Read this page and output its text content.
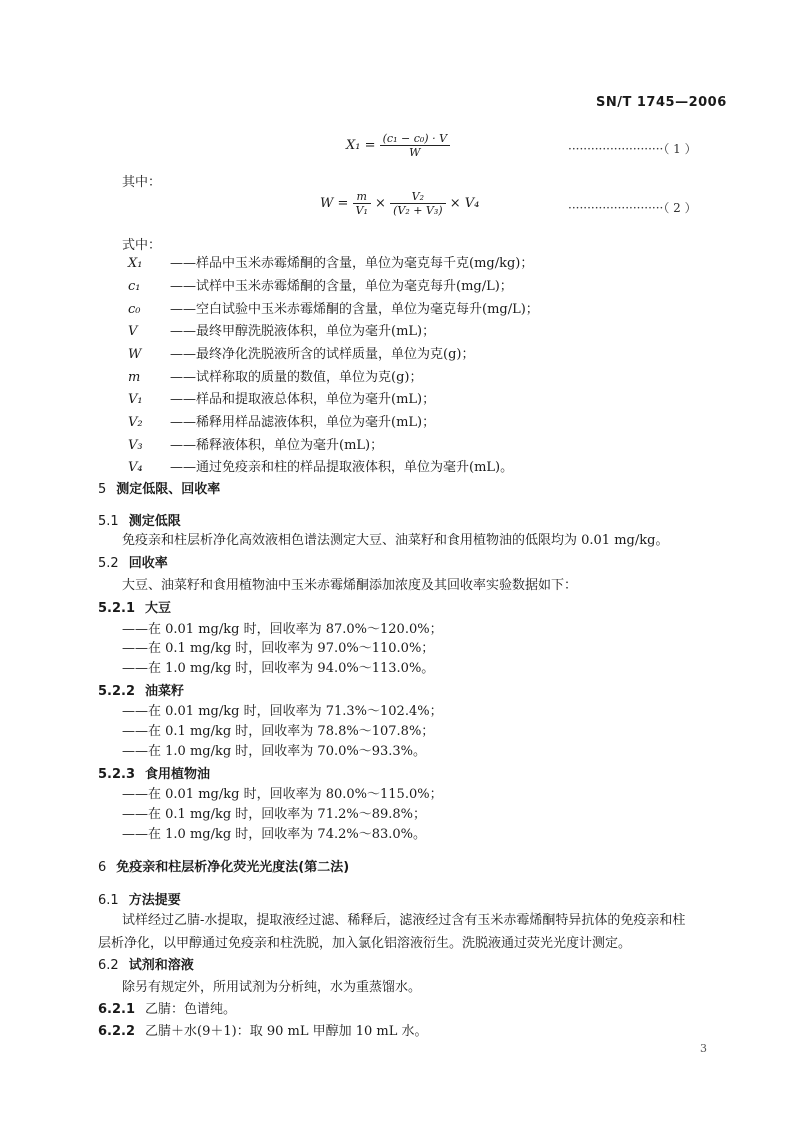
SN/T 1745—2006
$X_1 = \frac{\text{(c₁ − c₀) · V}}{W}$	·························（ 1 ）
其中：
$W = \frac{m}{\text{V₁}} \times \frac{\text{V₂}}{\text{(V₂ + V₃)}} \times V_4$	·························（ 2 ）
式中：
X₁ ——样品中玉米赤霉烯酮的含量，单位为毫克每千克(mg/kg)；
c₁ ——试样中玉米赤霉烯酮的含量，单位为毫克每升(mg/L)；
c₀ ——空白试验中玉米赤霉烯酮的含量，单位为毫克每升(mg/L)；
V	——最终甲醇洗脱液体积，单位为毫升(mL)；
W ——最终净化洗脱液所含的试样质量，单位为克(g)；
m ——试样称取的质量的数值，单位为克(g)；
V₁ ——样品和提取液总体积，单位为毫升(mL)；
V₂ ——稀释用样品滤液体积，单位为毫升(mL)；
V₃ ——稀释液体积，单位为毫升(mL)；
V₄ ——通过免疫亲和柱的样品提取液体积，单位为毫升(mL)。
5 测定低限、回收率
5.1 测定低限
免疫亲和柱层析净化高效液相色谱法测定大豆、油菜籽和食用植物油的低限均为 0.01 mg/kg。
5.2 回收率
大豆、油菜籽和食用植物油中玉米赤霉烯酮添加浓度及其回收率实验数据如下：
5.2.1 大豆
——在 0.01 mg/kg 时，回收率为 87.0%～120.0%；
——在 0.1 mg/kg 时，回收率为 97.0%～110.0%；
——在 1.0 mg/kg 时，回收率为 94.0%～113.0%。
5.2.2 油菜籽
——在 0.01 mg/kg 时，回收率为 71.3%～102.4%；
——在 0.1 mg/kg 时，回收率为 78.8%～107.8%；
——在 1.0 mg/kg 时，回收率为 70.0%～93.3%。
5.2.3 食用植物油
——在 0.01 mg/kg 时，回收率为 80.0%～115.0%；
——在 0.1 mg/kg 时，回收率为 71.2%～89.8%；
——在 1.0 mg/kg 时，回收率为 74.2%～83.0%。
6 免疫亲和柱层析净化荧光光度法(第二法)
6.1 方法提要
试样经过乙腈-水提取，提取液经过滤、稀释后，滤液经过含有玉米赤霉烯酮特异抗体的免疫亲和柱
层析净化，以甲醇通过免疫亲和柱洗脱，加入氯化铝溶液衍生。洗脱液通过荧光光度计测定。
6.2 试剂和溶液
除另有规定外，所用试剂为分析纯，水为重蒸馏水。
6.2.1 乙腈：色谱纯。
6.2.2 乙腈＋水(9＋1)：取 90 mL 甲醇加 10 mL 水。
3
